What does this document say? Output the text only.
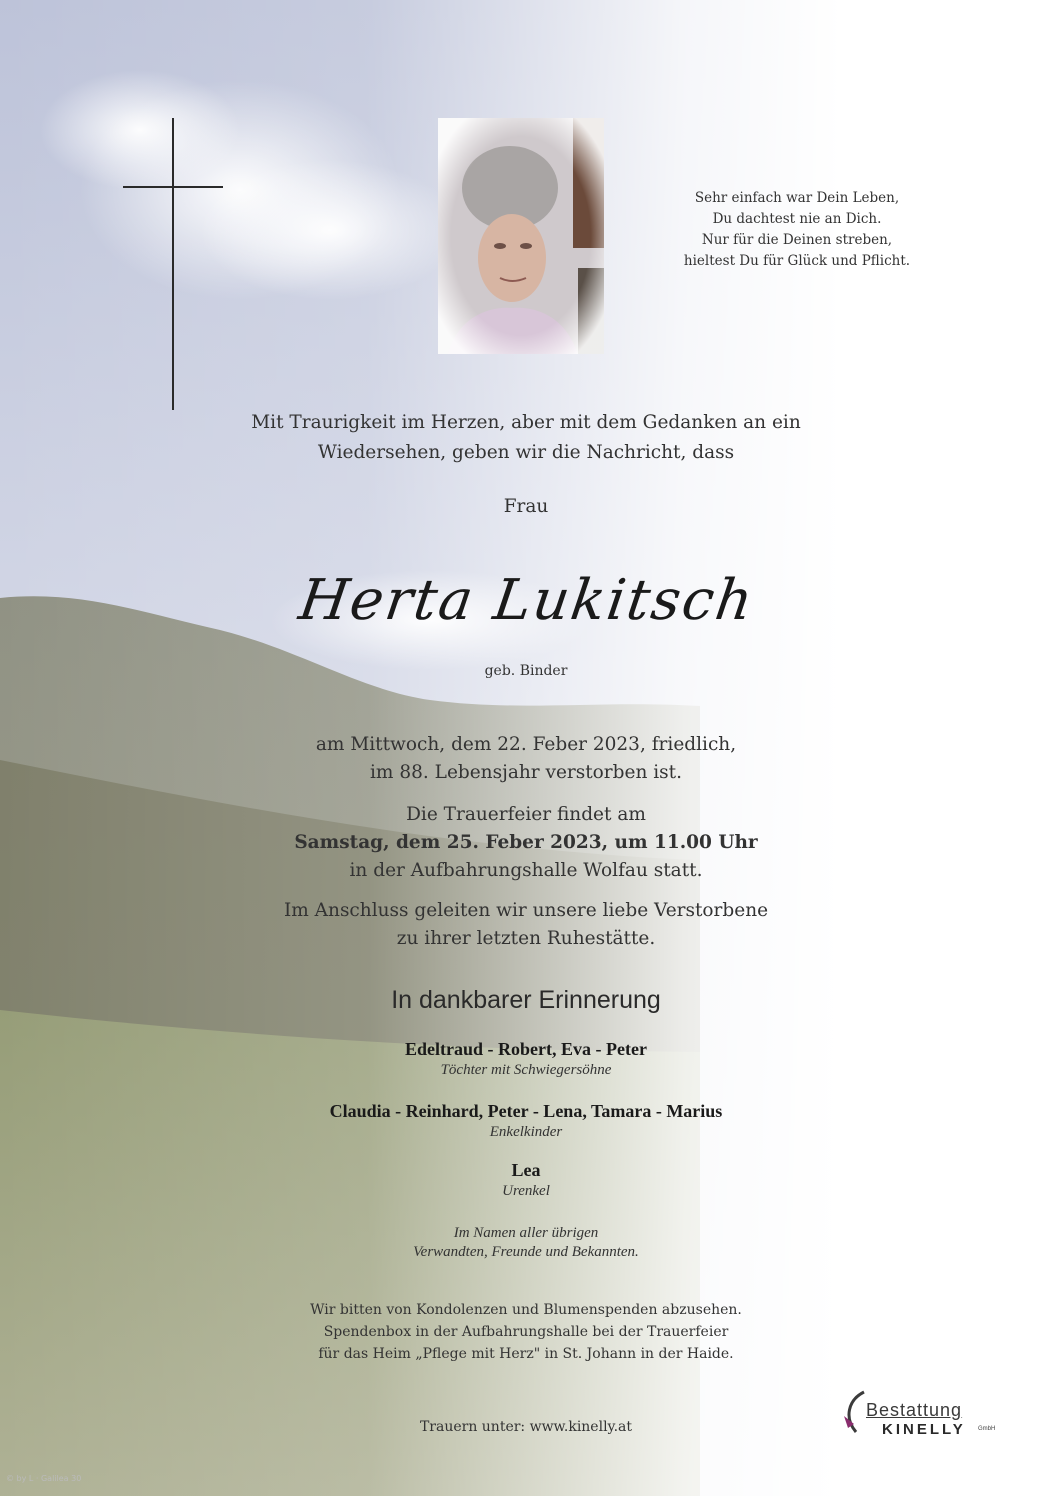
Sehr einfach war Dein Leben,
Du dachtest nie an Dich.
Nur für die Deinen streben,
hieltest Du für Glück und Pflicht.
Mit Traurigkeit im Herzen, aber mit dem Gedanken an ein
Wiedersehen, geben wir die Nachricht, dass
Frau
Herta Lukitsch
geb. Binder
am Mittwoch, dem 22. Feber 2023, friedlich,
im 88. Lebensjahr verstorben ist.
Die Trauerfeier findet am
Samstag, dem 25. Feber 2023, um 11.00 Uhr
in der Aufbahrungshalle Wolfau statt.
Im Anschluss geleiten wir unsere liebe Verstorbene
zu ihrer letzten Ruhestätte.
In dankbarer Erinnerung
Edeltraud - Robert, Eva - Peter
Töchter mit Schwiegersöhne
Claudia - Reinhard, Peter - Lena, Tamara - Marius
Enkelkinder
Lea
Urenkel
Im Namen aller übrigen
Verwandten, Freunde und Bekannten.
Wir bitten von Kondolenzen und Blumenspenden abzusehen.
Spendenbox in der Aufbahrungshalle bei der Trauerfeier
für das Heim „Pflege mit Herz" in St. Johann in der Haide.
Trauern unter: www.kinelly.at
Bestattung
KINELLY GmbH
© by L · Galilea 30
